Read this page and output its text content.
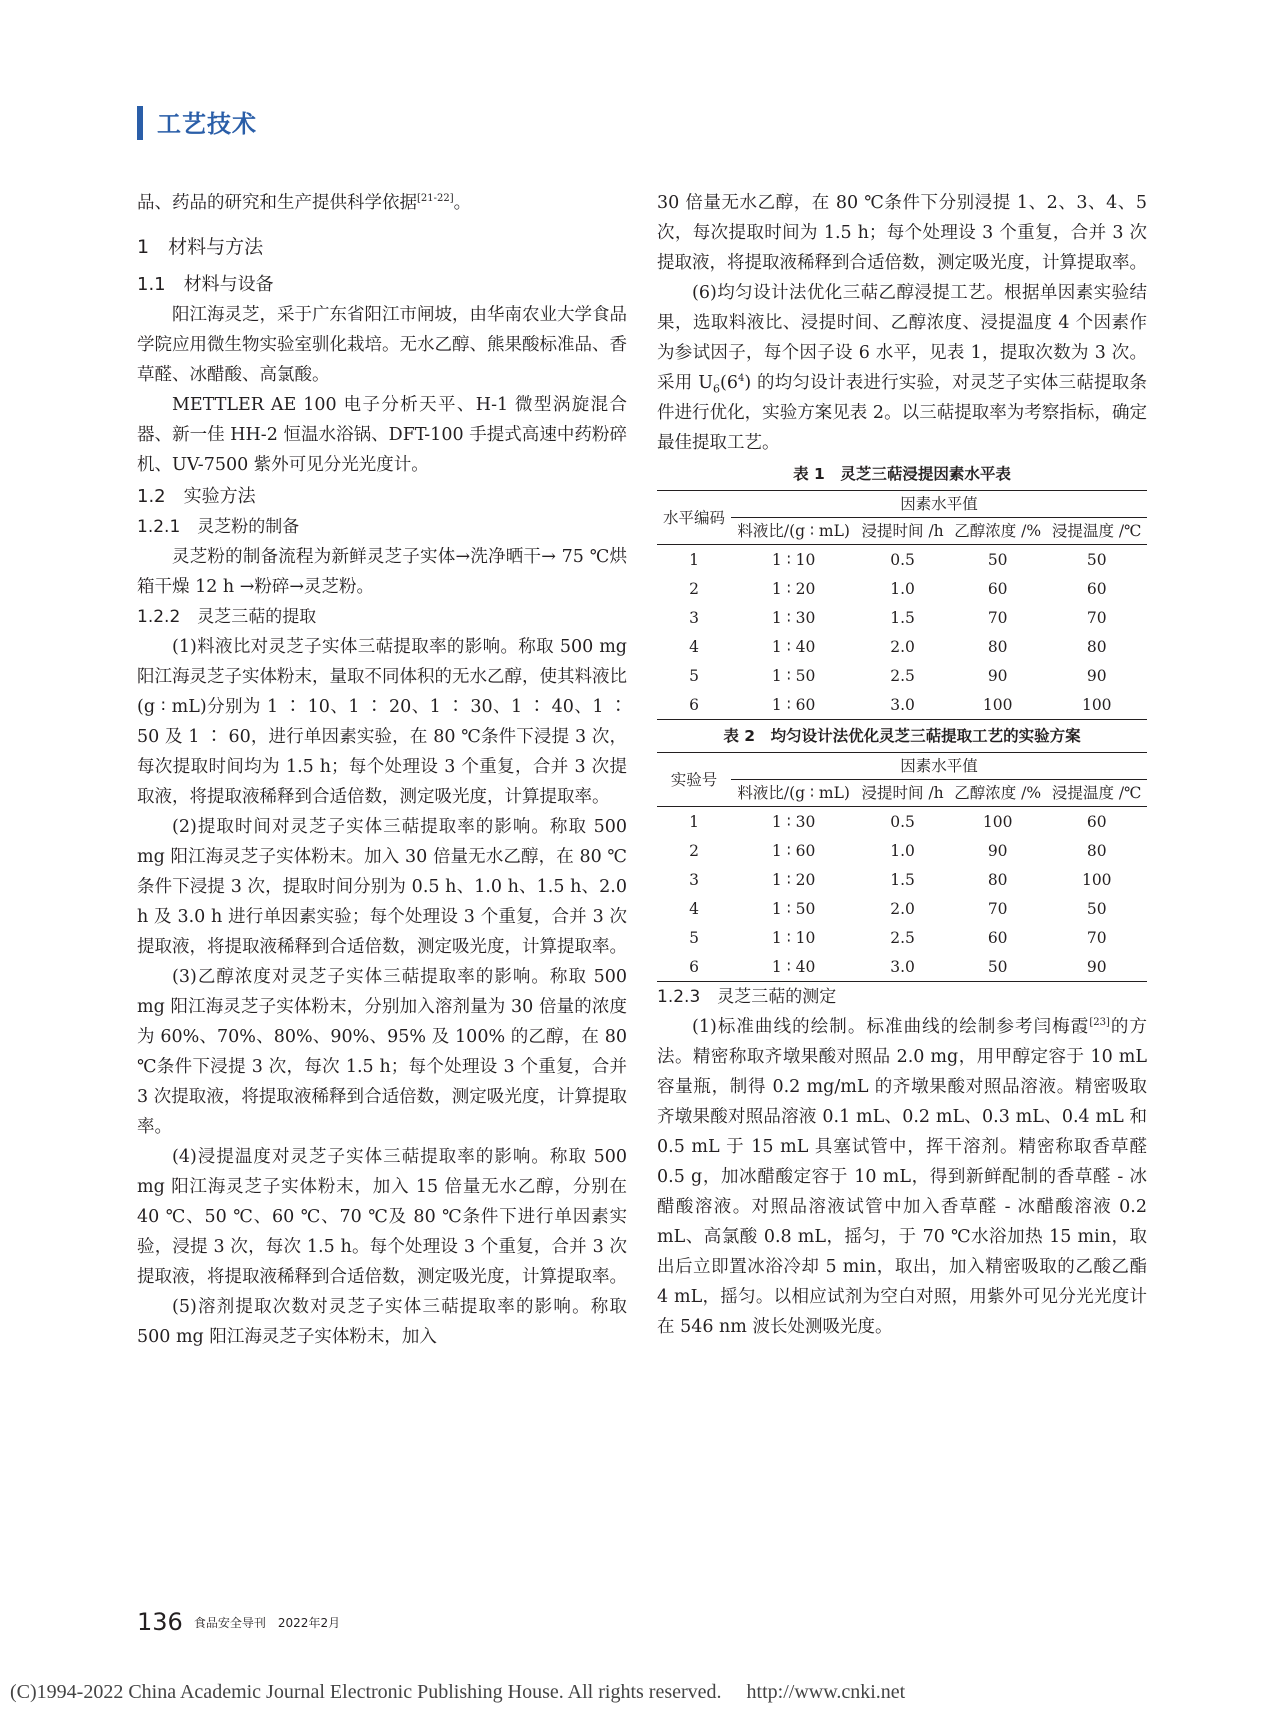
工艺技术

品、药品的研究和生产提供科学依据[21-22]。

1　材料与方法
1.1　材料与设备

阳江海灵芝，采于广东省阳江市闸坡，由华南农业大学食品学院应用微生物实验室驯化栽培。无水乙醇、熊果酸标准品、香草醛、冰醋酸、高氯酸。

METTLER AE 100 电子分析天平、H-1 微型涡旋混合器、新一佳 HH-2 恒温水浴锅、DFT-100 手提式高速中药粉碎机、UV-7500 紫外可见分光光度计。

1.2　实验方法
1.2.1　灵芝粉的制备

灵芝粉的制备流程为新鲜灵芝子实体→洗净晒干→ 75 ℃烘箱干燥 12 h →粉碎→灵芝粉。

1.2.2　灵芝三萜的提取

(1)料液比对灵芝子实体三萜提取率的影响。称取 500 mg 阳江海灵芝子实体粉末，量取不同体积的无水乙醇，使其料液比(g ∶ mL)分别为 1 ∶ 10、1 ∶ 20、1 ∶ 30、1 ∶ 40、1 ∶ 50 及 1 ∶ 60，进行单因素实验，在 80 ℃条件下浸提 3 次，每次提取时间均为 1.5 h；每个处理设 3 个重复，合并 3 次提取液，将提取液稀释到合适倍数，测定吸光度，计算提取率。

(2)提取时间对灵芝子实体三萜提取率的影响。称取 500 mg 阳江海灵芝子实体粉末。加入 30 倍量无水乙醇，在 80 ℃条件下浸提 3 次，提取时间分别为 0.5 h、1.0 h、1.5 h、2.0 h 及 3.0 h 进行单因素实验；每个处理设 3 个重复，合并 3 次提取液，将提取液稀释到合适倍数，测定吸光度，计算提取率。

(3)乙醇浓度对灵芝子实体三萜提取率的影响。称取 500 mg 阳江海灵芝子实体粉末，分别加入溶剂量为 30 倍量的浓度为 60%、70%、80%、90%、95% 及 100% 的乙醇，在 80 ℃条件下浸提 3 次，每次 1.5 h；每个处理设 3 个重复，合并 3 次提取液，将提取液稀释到合适倍数，测定吸光度，计算提取率。

(4)浸提温度对灵芝子实体三萜提取率的影响。称取 500 mg 阳江海灵芝子实体粉末，加入 15 倍量无水乙醇，分别在 40 ℃、50 ℃、60 ℃、70 ℃及 80 ℃条件下进行单因素实验，浸提 3 次，每次 1.5 h。每个处理设 3 个重复，合并 3 次提取液，将提取液稀释到合适倍数，测定吸光度，计算提取率。

(5)溶剂提取次数对灵芝子实体三萜提取率的影响。称取 500 mg 阳江海灵芝子实体粉末，加入

30 倍量无水乙醇，在 80 ℃条件下分别浸提 1、2、3、4、5 次，每次提取时间为 1.5 h；每个处理设 3 个重复，合并 3 次提取液，将提取液稀释到合适倍数，测定吸光度，计算提取率。

(6)均匀设计法优化三萜乙醇浸提工艺。根据单因素实验结果，选取料液比、浸提时间、乙醇浓度、浸提温度 4 个因素作为参试因子，每个因子设 6 水平，见表 1，提取次数为 3 次。采用 $U_6(6^4)$ 的均匀设计表进行实验，对灵芝子实体三萜提取条件进行优化，实验方案见表 2。以三萜提取率为考察指标，确定最佳提取工艺。

表 1　灵芝三萜浸提因素水平表
水平编码	因素水平值			
	料液比/(g ∶ mL)	浸提时间 /h	乙醇浓度 /%	浸提温度 /℃
1	1 ∶ 10	0.5	50	50
2	1 ∶ 20	1.0	60	60
3	1 ∶ 30	1.5	70	70
4	1 ∶ 40	2.0	80	80
5	1 ∶ 50	2.5	90	90
6	1 ∶ 60	3.0	100	100
表 2　均匀设计法优化灵芝三萜提取工艺的实验方案
实验号	因素水平值			
	料液比/(g ∶ mL)	浸提时间 /h	乙醇浓度 /%	浸提温度 /℃
1	1 ∶ 30	0.5	100	60
2	1 ∶ 60	1.0	90	80
3	1 ∶ 20	1.5	80	100
4	1 ∶ 50	2.0	70	50
5	1 ∶ 10	2.5	60	70
6	1 ∶ 40	3.0	50	90
1.2.3　灵芝三萜的测定

(1)标准曲线的绘制。标准曲线的绘制参考闫梅霞[23]的方法。精密称取齐墩果酸对照品 2.0 mg，用甲醇定容于 10 mL 容量瓶，制得 0.2 mg/mL 的齐墩果酸对照品溶液。精密吸取齐墩果酸对照品溶液 0.1 mL、0.2 mL、0.3 mL、0.4 mL 和 0.5 mL 于 15 mL 具塞试管中，挥干溶剂。精密称取香草醛 0.5 g，加冰醋酸定容于 10 mL，得到新鲜配制的香草醛 - 冰醋酸溶液。对照品溶液试管中加入香草醛 - 冰醋酸溶液 0.2 mL、高氯酸 0.8 mL，摇匀，于 70 ℃水浴加热 15 min，取出后立即置冰浴冷却 5 min，取出，加入精密吸取的乙酸乙酯 4 mL，摇匀。以相应试剂为空白对照，用紫外可见分光光度计在 546 nm 波长处测吸光度。

136 食品安全导刊　2022年2月
(C)1994-2022 China Academic Journal Electronic Publishing House. All rights reserved.　 http://www.cnki.net
